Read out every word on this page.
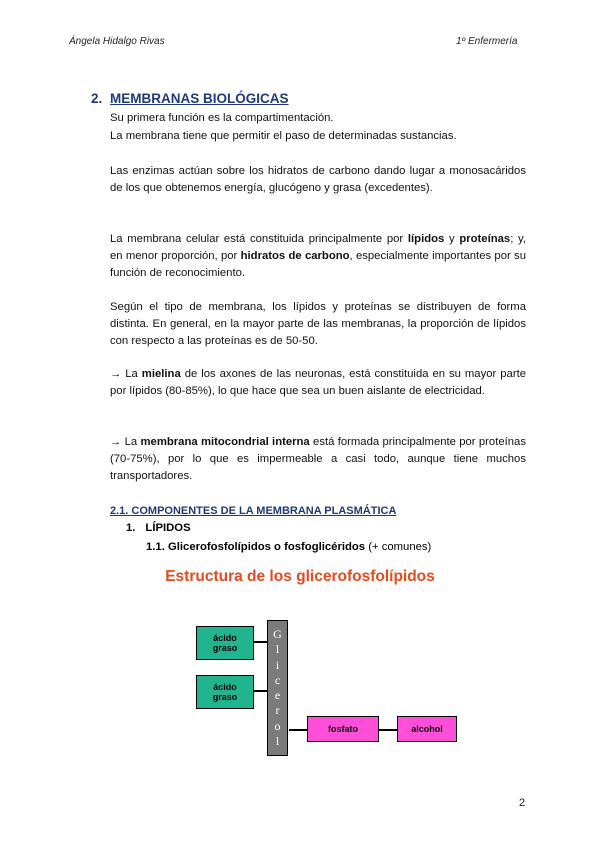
Ángela Hidalgo Rivas	1º Enfermería
2. MEMBRANAS BIOLÓGICAS
Su primera función es la compartimentación.
La membrana tiene que permitir el paso de determinadas sustancias.
Las enzimas actúan sobre los hidratos de carbono dando lugar a monosacáridos de los que obtenemos energía, glucógeno y grasa (excedentes).
La membrana celular está constituida principalmente por lípidos y proteínas; y, en menor proporción, por hidratos de carbono, especialmente importantes por su función de reconocimiento.
Según el tipo de membrana, los lípidos y proteínas se distribuyen de forma distinta. En general, en la mayor parte de las membranas, la proporción de lípidos con respecto a las proteínas es de 50-50.
→ La mielina de los axones de las neuronas, está constituida en su mayor parte por lípidos (80-85%), lo que hace que sea un buen aislante de electricidad.
→ La membrana mitocondrial interna está formada principalmente por proteínas (70-75%), por lo que es impermeable a casi todo, aunque tiene muchos transportadores.
2.1. COMPONENTES DE LA MEMBRANA PLASMÁTICA
1. LÍPIDOS
1.1. Glicerofosfolípidos o fosfoglicéridos (+ comunes)
Estructura de los glicerofosfolípidos
ácido
graso
ácido
graso
G
l
i
c
e
r
o
l
fosfato	alcohol
2
